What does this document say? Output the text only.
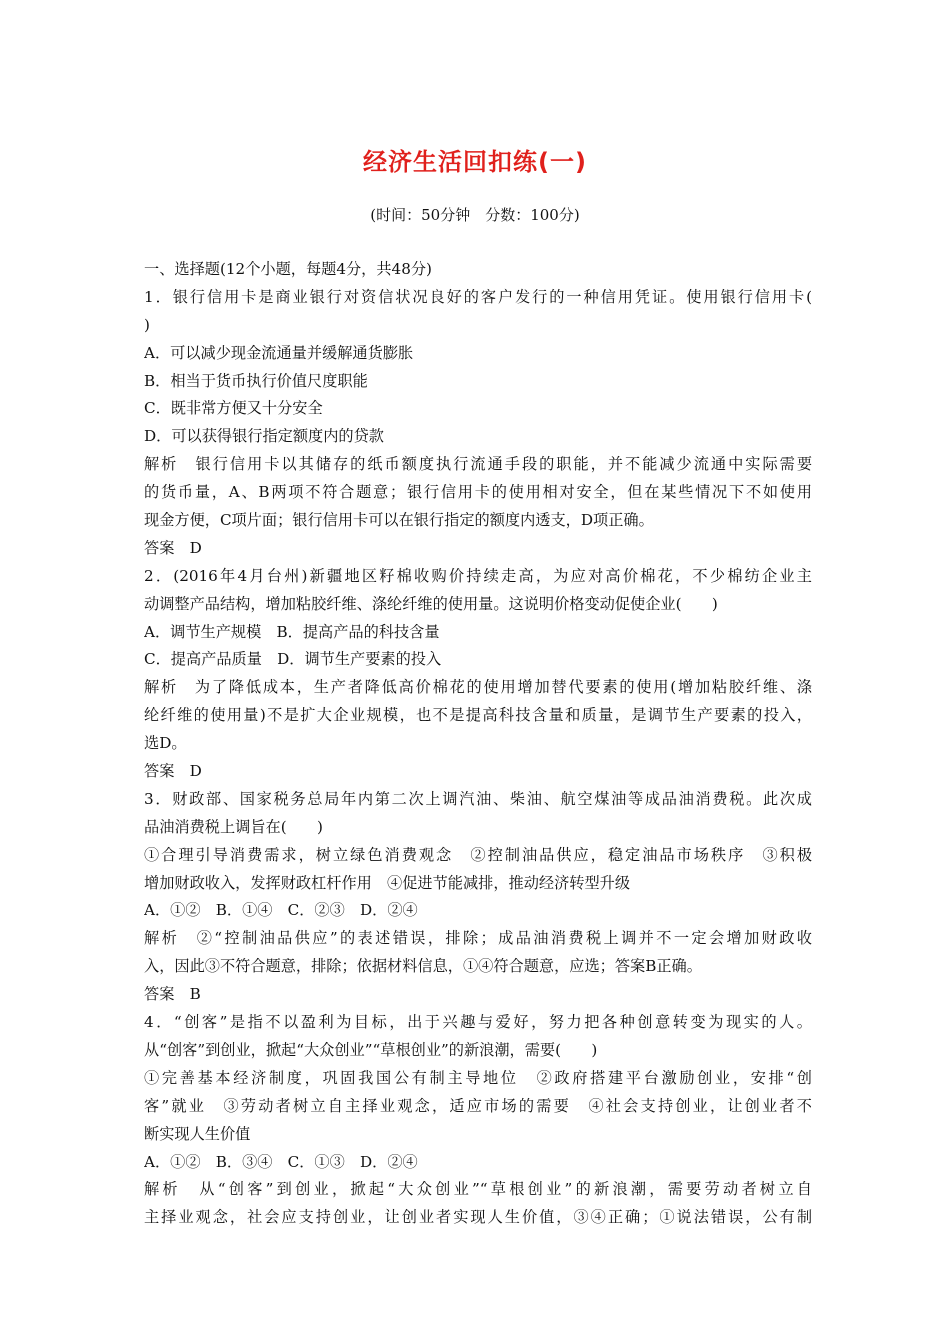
经济生活回扣练(一)
(时间：50分钟　分数：100分)
一、选择题(12个小题，每题4分，共48分)
1．银行信用卡是商业银行对资信状况良好的客户发行的一种信用凭证。使用银行信用卡(
)
A．可以减少现金流通量并缓解通货膨胀
B．相当于货币执行价值尺度职能
C．既非常方便又十分安全
D．可以获得银行指定额度内的贷款
解析　银行信用卡以其储存的纸币额度执行流通手段的职能，并不能减少流通中实际需要
的货币量，A、B两项不符合题意；银行信用卡的使用相对安全，但在某些情况下不如使用
现金方便，C项片面；银行信用卡可以在银行指定的额度内透支，D项正确。
答案　D
2．(2016年4月台州)新疆地区籽棉收购价持续走高，为应对高价棉花，不少棉纺企业主
动调整产品结构，增加粘胶纤维、涤纶纤维的使用量。这说明价格变动促使企业(　　)
A．调节生产规模　B．提高产品的科技含量
C．提高产品质量　D．调节生产要素的投入
解析　为了降低成本，生产者降低高价棉花的使用增加替代要素的使用(增加粘胶纤维、涤
纶纤维的使用量)不是扩大企业规模，也不是提高科技含量和质量，是调节生产要素的投入，
选D。
答案　D
3．财政部、国家税务总局年内第二次上调汽油、柴油、航空煤油等成品油消费税。此次成
品油消费税上调旨在(　　)
①合理引导消费需求，树立绿色消费观念　②控制油品供应，稳定油品市场秩序　③积极
增加财政收入，发挥财政杠杆作用　④促进节能减排，推动经济转型升级
A．①②　B．①④　C．②③　D．②④
解析　②“控制油品供应”的表述错误，排除；成品油消费税上调并不一定会增加财政收
入，因此③不符合题意，排除；依据材料信息，①④符合题意，应选；答案B正确。
答案　B
4．“创客”是指不以盈利为目标，出于兴趣与爱好，努力把各种创意转变为现实的人。
从“创客”到创业，掀起“大众创业”“草根创业”的新浪潮，需要(　　)
①完善基本经济制度，巩固我国公有制主导地位　②政府搭建平台激励创业，安排“创
客”就业　③劳动者树立自主择业观念，适应市场的需要　④社会支持创业，让创业者不
断实现人生价值
A．①②　B．③④　C．①③　D．②④
解析　从“创客”到创业，掀起“大众创业”“草根创业”的新浪潮，需要劳动者树立自
主择业观念，社会应支持创业，让创业者实现人生价值，③④正确；①说法错误，公有制
